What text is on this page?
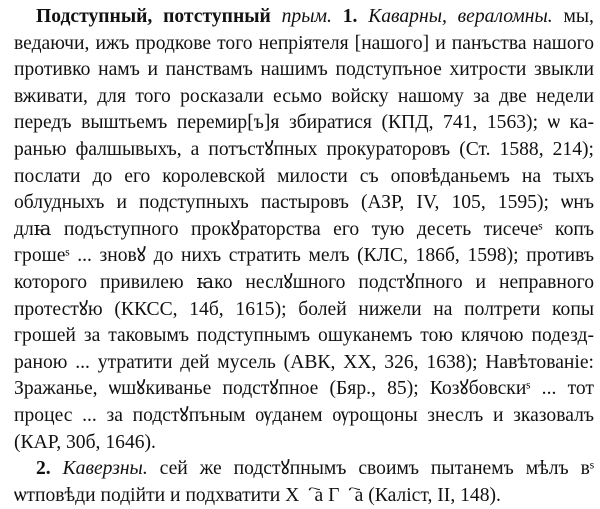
Подступный, потступный прым. 1. Каварны, вераломны. мы,
ведаючи, ижъ продкове того непрiятеля [нашого] и панъства нашого
противко намъ и панствамъ нашимъ подступъное хитрости звыкли
вживати, для того росказали есьмо войску нашому за две недели
передъ выштьемъ перемир[ъ]я збиратися (КПД, 741, 1563); ѡ ка-
ранью фалшывыхъ, а потъстꙋпных прокураторовъ (Ст. 1588, 214);
послати до его королевской милости съ оповѣданьемъ на тыхъ
облудныхъ и подступныхъ пастыровъ (АЗР, IV, 105, 1595); ѡнъ
длꙗ подъступного прокꙋраторства его тую десеть тисечеˢ копъ
грошеˢ ... зновꙋ до нихъ стратить мелъ (КЛС, 186б, 1598); противъ
которого привилею ꙗко неслꙋшного подстꙋпного и неправного
протестꙋю (ККСС, 14б, 1615); болей нижели на полтрети копы
грошей за таковымъ подступнымъ ошуканемъ тою клячою подезд-
раною ... утратити дей мусель (АВК, XX, 326, 1638); Навѣтованiе:
Зражанье, ѡшꙋкиванье подстꙋпное (Бяр., 85); Козꙋбовскиˢ ... тот
процес ... за подстꙋпъным ѹданем ѹрощоны знеслъ и зказовалъ
(КАР, 30б, 1646).
2. Каверзны. сей же подстꙋпнымъ своимъ пытанемъ мѣлъ вˢ
ѡтповѣди подiйти и подхватити Хⷭ҇а Гⷭ҇а (Калiст, II, 148).
